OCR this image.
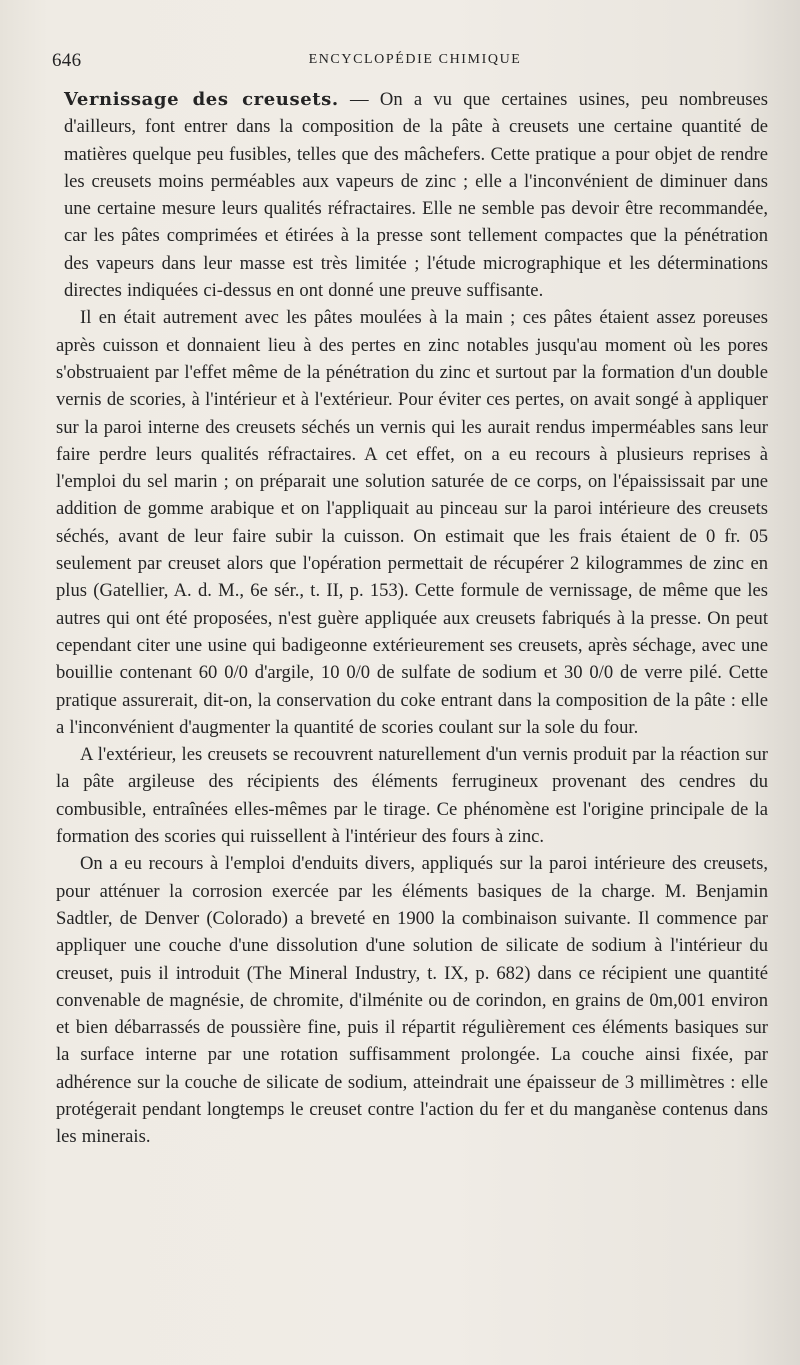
646	ENCYCLOPÉDIE CHIMIQUE

Vernissage des creusets. — On a vu que certaines usines, peu nombreuses d'ailleurs, font entrer dans la composition de la pâte à creusets une certaine quantité de matières quelque peu fusibles, telles que des mâchefers. Cette pratique a pour objet de rendre les creusets moins perméables aux vapeurs de zinc ; elle a l'inconvénient de diminuer dans une certaine mesure leurs qualités réfractaires. Elle ne semble pas devoir être recommandée, car les pâtes comprimées et étirées à la presse sont tellement compactes que la pénétration des vapeurs dans leur masse est très limitée ; l'étude micrographique et les déterminations directes indiquées ci-dessus en ont donné une preuve suffisante.

Il en était autrement avec les pâtes moulées à la main ; ces pâtes étaient assez poreuses après cuisson et donnaient lieu à des pertes en zinc notables jusqu'au moment où les pores s'obstruaient par l'effet même de la pénétration du zinc et surtout par la formation d'un double vernis de scories, à l'intérieur et à l'extérieur. Pour éviter ces pertes, on avait songé à appliquer sur la paroi interne des creusets séchés un vernis qui les aurait rendus imperméables sans leur faire perdre leurs qualités réfractaires. A cet effet, on a eu recours à plusieurs reprises à l'emploi du sel marin ; on préparait une solution saturée de ce corps, on l'épaississait par une addition de gomme arabique et on l'appliquait au pinceau sur la paroi intérieure des creusets séchés, avant de leur faire subir la cuisson. On estimait que les frais étaient de 0 fr. 05 seulement par creuset alors que l'opération permettait de récupérer 2 kilogrammes de zinc en plus (Gatellier, A. d. M., 6e sér., t. II, p. 153). Cette formule de vernissage, de même que les autres qui ont été proposées, n'est guère appliquée aux creusets fabriqués à la presse. On peut cependant citer une usine qui badigeonne extérieurement ses creusets, après séchage, avec une bouillie contenant 60 0/0 d'argile, 10 0/0 de sulfate de sodium et 30 0/0 de verre pilé. Cette pratique assurerait, dit-on, la conservation du coke entrant dans la composition de la pâte : elle a l'inconvénient d'augmenter la quantité de scories coulant sur la sole du four.

A l'extérieur, les creusets se recouvrent naturellement d'un vernis produit par la réaction sur la pâte argileuse des récipients des éléments ferrugineux provenant des cendres du combusible, entraînées elles-mêmes par le tirage. Ce phénomène est l'origine principale de la formation des scories qui ruissellent à l'intérieur des fours à zinc.

On a eu recours à l'emploi d'enduits divers, appliqués sur la paroi intérieure des creusets, pour atténuer la corrosion exercée par les éléments basiques de la charge. M. Benjamin Sadtler, de Denver (Colorado) a breveté en 1900 la combinaison suivante. Il commence par appliquer une couche d'une dissolution d'une solution de silicate de sodium à l'intérieur du creuset, puis il introduit (The Mineral Industry, t. IX, p. 682) dans ce récipient une quantité convenable de magnésie, de chromite, d'ilménite ou de corindon, en grains de 0m,001 environ et bien débarrassés de poussière fine, puis il répartit régulièrement ces éléments basiques sur la surface interne par une rotation suffisamment prolongée. La couche ainsi fixée, par adhérence sur la couche de silicate de sodium, atteindrait une épaisseur de 3 millimètres : elle protégerait pendant longtemps le creuset contre l'action du fer et du manganèse contenus dans les minerais.
